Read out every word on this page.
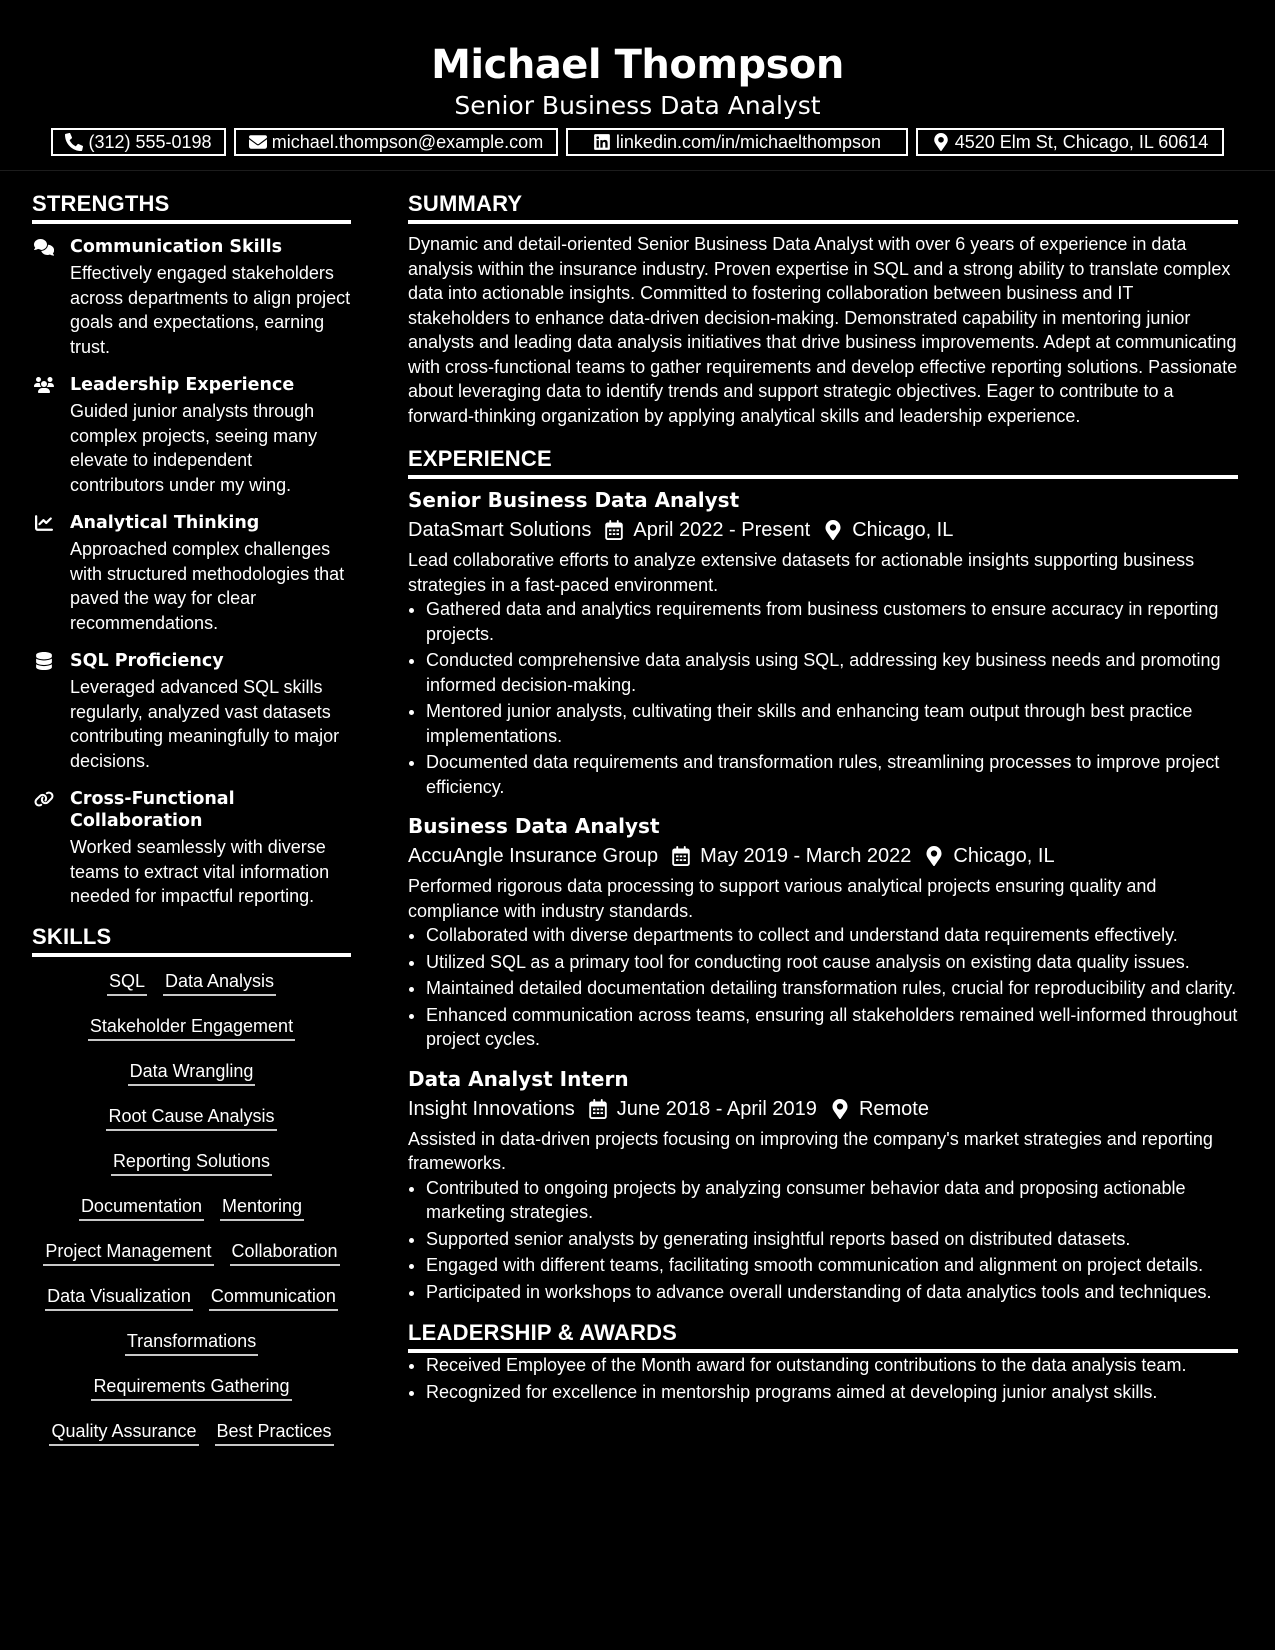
Michael Thompson
Senior Business Data Analyst
(312) 555-0198	michael.thompson@example.com	linkedin.com/in/michaelthompson	4520 Elm St, Chicago, IL 60614
STRENGTHS
Communication Skills
Effectively engaged stakeholders across departments to align project goals and expectations, earning trust.
Leadership Experience
Guided junior analysts through complex projects, seeing many elevate to independent contributors under my wing.
Analytical Thinking
Approached complex challenges with structured methodologies that paved the way for clear recommendations.
SQL Proficiency
Leveraged advanced SQL skills regularly, analyzed vast datasets contributing meaningfully to major decisions.
Cross-Functional Collaboration
Worked seamlessly with diverse teams to extract vital information needed for impactful reporting.
SKILLS
SQL Data Analysis
Stakeholder Engagement
Data Wrangling
Root Cause Analysis
Reporting Solutions
Documentation Mentoring
Project Management Collaboration
Data Visualization Communication
Transformations
Requirements Gathering
Quality Assurance Best Practices
SUMMARY
Dynamic and detail-oriented Senior Business Data Analyst with over 6 years of experience in data analysis within the insurance industry. Proven expertise in SQL and a strong ability to translate complex data into actionable insights. Committed to fostering collaboration between business and IT stakeholders to enhance data-driven decision-making. Demonstrated capability in mentoring junior analysts and leading data analysis initiatives that drive business improvements. Adept at communicating with cross-functional teams to gather requirements and develop effective reporting solutions. Passionate about leveraging data to identify trends and support strategic objectives. Eager to contribute to a forward-thinking organization by applying analytical skills and leadership experience.
EXPERIENCE
Senior Business Data Analyst
DataSmart Solutions April 2022 - Present Chicago, IL
Lead collaborative efforts to analyze extensive datasets for actionable insights supporting business strategies in a fast-paced environment.
• Gathered data and analytics requirements from business customers to ensure accuracy in reporting projects.
• Conducted comprehensive data analysis using SQL, addressing key business needs and promoting informed decision-making.
• Mentored junior analysts, cultivating their skills and enhancing team output through best practice implementations.
• Documented data requirements and transformation rules, streamlining processes to improve project efficiency.
Business Data Analyst
AccuAngle Insurance Group May 2019 - March 2022 Chicago, IL
Performed rigorous data processing to support various analytical projects ensuring quality and compliance with industry standards.
• Collaborated with diverse departments to collect and understand data requirements effectively.
• Utilized SQL as a primary tool for conducting root cause analysis on existing data quality issues.
• Maintained detailed documentation detailing transformation rules, crucial for reproducibility and clarity.
• Enhanced communication across teams, ensuring all stakeholders remained well-informed throughout project cycles.
Data Analyst Intern
Insight Innovations June 2018 - April 2019 Remote
Assisted in data-driven projects focusing on improving the company's market strategies and reporting frameworks.
• Contributed to ongoing projects by analyzing consumer behavior data and proposing actionable marketing strategies.
• Supported senior analysts by generating insightful reports based on distributed datasets.
• Engaged with different teams, facilitating smooth communication and alignment on project details.
• Participated in workshops to advance overall understanding of data analytics tools and techniques.
LEADERSHIP & AWARDS
• Received Employee of the Month award for outstanding contributions to the data analysis team.
• Recognized for excellence in mentorship programs aimed at developing junior analyst skills.
